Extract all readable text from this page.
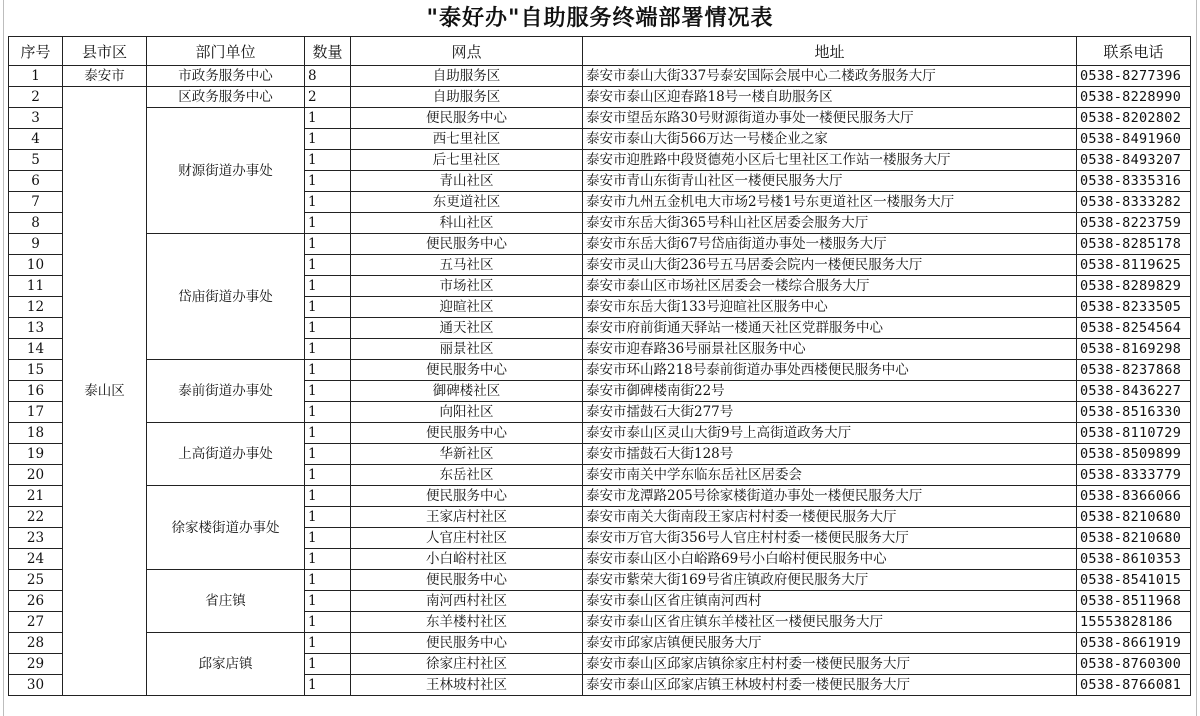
"泰好办"自助服务终端部署情况表
序号	县市区	部门单位	数量	网点	地址	联系电话
1	泰安市	市政务服务中心	8	自助服务区	泰安市泰山大街337号泰安国际会展中心二楼政务服务大厅	0538-8277396
2	泰山区	区政务服务中心	2	自助服务区	泰安市泰山区迎春路18号一楼自助服务区	0538-8228990
3		财源街道办事处	1	便民服务中心	泰安市望岳东路30号财源街道办事处一楼便民服务大厅	0538-8202802
4			1	西七里社区	泰安市泰山大街566万达一号楼企业之家	0538-8491960
5			1	后七里社区	泰安市迎胜路中段贤德苑小区后七里社区工作站一楼服务大厅	0538-8493207
6			1	青山社区	泰安市青山东街青山社区一楼便民服务大厅	0538-8335316
7			1	东更道社区	泰安市九州五金机电大市场2号楼1号东更道社区一楼服务大厅	0538-8333282
8			1	科山社区	泰安市东岳大街365号科山社区居委会服务大厅	0538-8223759
9		岱庙街道办事处	1	便民服务中心	泰安市东岳大街67号岱庙街道办事处一楼服务大厅	0538-8285178
10			1	五马社区	泰安市灵山大街236号五马居委会院内一楼便民服务大厅	0538-8119625
11			1	市场社区	泰安市泰山区市场社区居委会一楼综合服务大厅	0538-8289829
12			1	迎暄社区	泰安市东岳大街133号迎暄社区服务中心	0538-8233505
13			1	通天社区	泰安市府前街通天驿站一楼通天社区党群服务中心	0538-8254564
14			1	丽景社区	泰安市迎春路36号丽景社区服务中心	0538-8169298
15		泰前街道办事处	1	便民服务中心	泰安市环山路218号泰前街道办事处西楼便民服务中心	0538-8237868
16			1	御碑楼社区	泰安市御碑楼南街22号	0538-8436227
17			1	向阳社区	泰安市擂鼓石大街277号	0538-8516330
18		上高街道办事处	1	便民服务中心	泰安市泰山区灵山大街9号上高街道政务大厅	0538-8110729
19			1	华新社区	泰安市擂鼓石大街128号	0538-8509899
20			1	东岳社区	泰安市南关中学东临东岳社区居委会	0538-8333779
21		徐家楼街道办事处	1	便民服务中心	泰安市龙潭路205号徐家楼街道办事处一楼便民服务大厅	0538-8366066
22			1	王家店村社区	泰安市南关大街南段王家店村村委一楼便民服务大厅	0538-8210680
23			1	人官庄村社区	泰安市万官大街356号人官庄村村委一楼便民服务大厅	0538-8210680
24			1	小白峪村社区	泰安市泰山区小白峪路69号小白峪村便民服务中心	0538-8610353
25		省庄镇	1	便民服务中心	泰安市紫荣大街169号省庄镇政府便民服务大厅	0538-8541015
26			1	南河西村社区	泰安市泰山区省庄镇南河西村	0538-8511968
27			1	东羊楼村社区	泰安市泰山区省庄镇东羊楼社区一楼便民服务大厅	15553828186
28		邱家店镇	1	便民服务中心	泰安市邱家店镇便民服务大厅	0538-8661919
29			1	徐家庄村社区	泰安市泰山区邱家店镇徐家庄村村委一楼便民服务大厅	0538-8760300
30			1	王林坡村社区	泰安市泰山区邱家店镇王林坡村村委一楼便民服务大厅	0538-8766081
